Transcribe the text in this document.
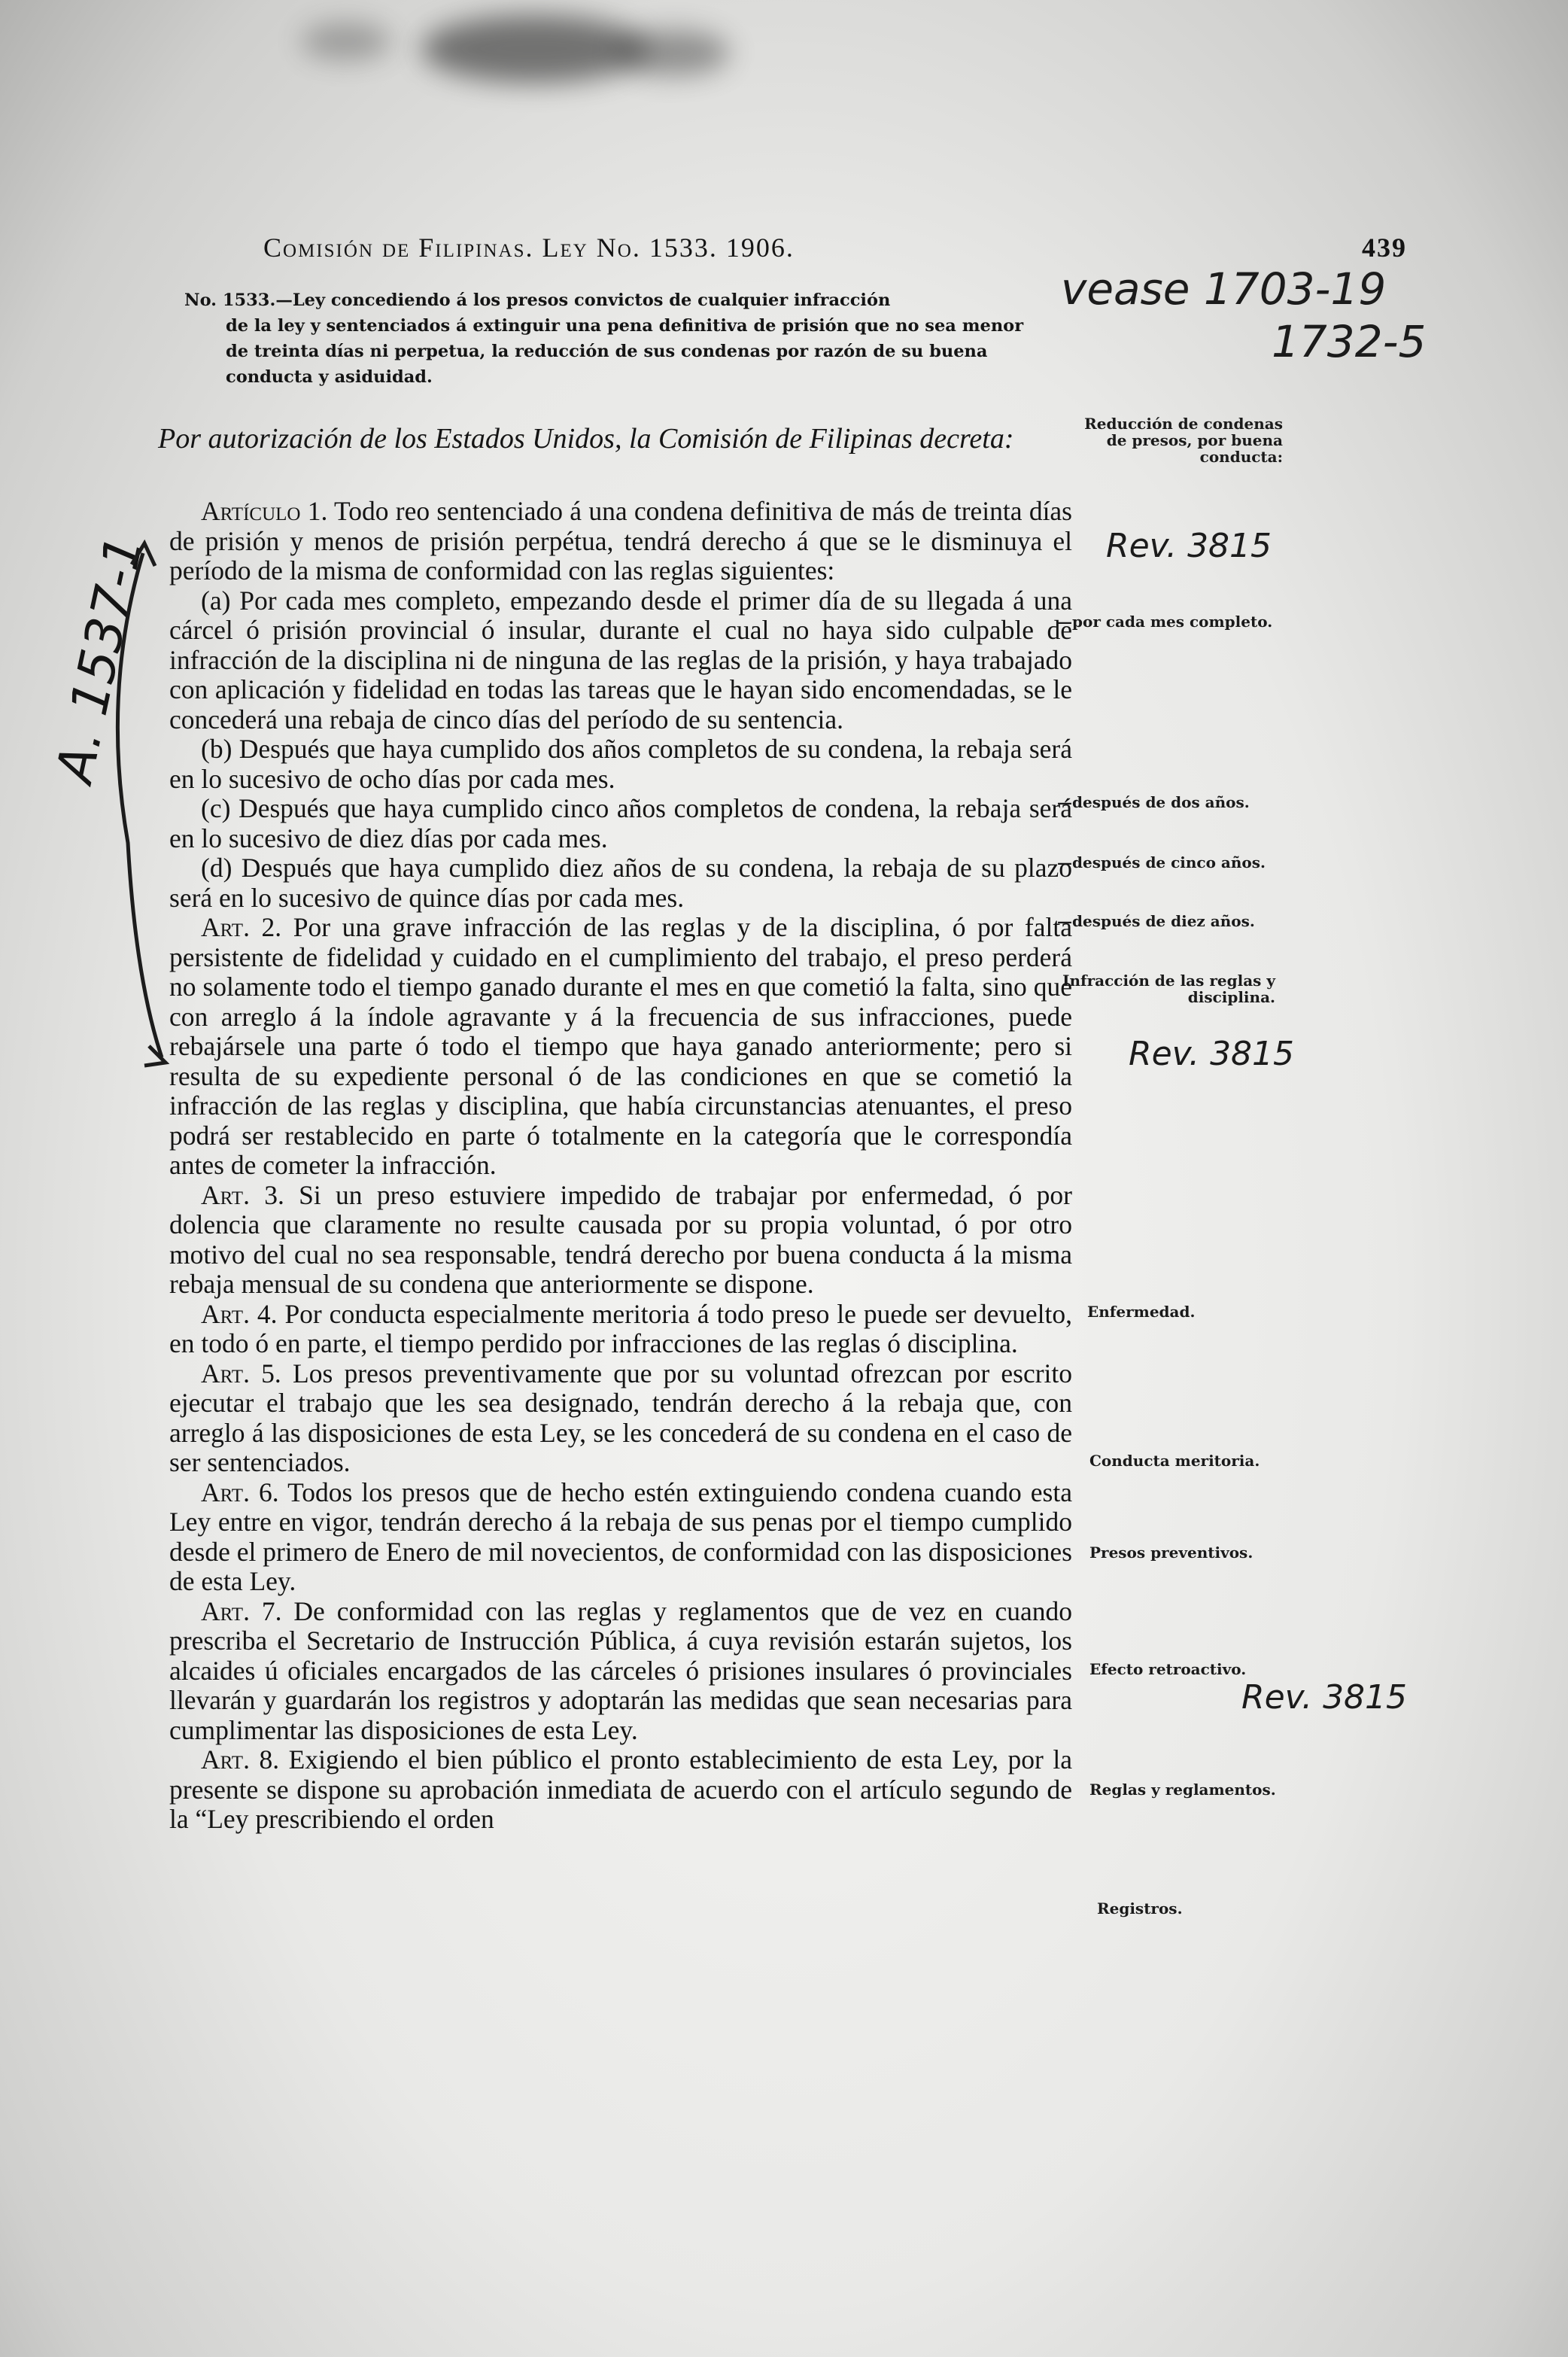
Comisión de Filipinas. Ley No. 1533. 1906.	439

No. 1533.—Ley concediendo á los presos convictos de cualquier infracción

de la ley y sentenciados á extinguir una pena definitiva de prisión que no sea menor de treinta días ni perpetua, la reducción de sus condenas por razón de su buena conducta y asiduidad.

Por autorización de los Estados Unidos, la Comisión de Filipinas decreta:

Artículo 1. Todo reo sentenciado á una condena definitiva de más de treinta días de prisión y menos de prisión perpétua, tendrá derecho á que se le disminuya el período de la misma de conformidad con las reglas siguientes:

(a) Por cada mes completo, empezando desde el primer día de su llegada á una cárcel ó prisión provincial ó insular, durante el cual no haya sido culpable de infracción de la disciplina ni de ninguna de las reglas de la prisión, y haya trabajado con aplicación y fidelidad en todas las tareas que le hayan sido encomendadas, se le concederá una rebaja de cinco días del período de su sentencia.

(b) Después que haya cumplido dos años completos de su condena, la rebaja será en lo sucesivo de ocho días por cada mes.

(c) Después que haya cumplido cinco años completos de condena, la rebaja será en lo sucesivo de diez días por cada mes.

(d) Después que haya cumplido diez años de su condena, la rebaja de su plazo será en lo sucesivo de quince días por cada mes.

Art. 2. Por una grave infracción de las reglas y de la disciplina, ó por falta persistente de fidelidad y cuidado en el cumplimiento del trabajo, el preso perderá no solamente todo el tiempo ganado durante el mes en que cometió la falta, sino que con arreglo á la índole agravante y á la frecuencia de sus infracciones, puede rebajársele una parte ó todo el tiempo que haya ganado anteriormente; pero si resulta de su expediente personal ó de las condiciones en que se cometió la infracción de las reglas y disciplina, que había circunstancias atenuantes, el preso podrá ser restablecido en parte ó totalmente en la categoría que le correspondía antes de cometer la infracción.

Art. 3. Si un preso estuviere impedido de trabajar por enfermedad, ó por dolencia que claramente no resulte causada por su propia voluntad, ó por otro motivo del cual no sea responsable, tendrá derecho por buena conducta á la misma rebaja mensual de su condena que anteriormente se dispone.

Art. 4. Por conducta especialmente meritoria á todo preso le puede ser devuelto, en todo ó en parte, el tiempo perdido por infracciones de las reglas ó disciplina.

Art. 5. Los presos preventivamente que por su voluntad ofrezcan por escrito ejecutar el trabajo que les sea designado, tendrán derecho á la rebaja que, con arreglo á las disposiciones de esta Ley, se les concederá de su condena en el caso de ser sentenciados.

Art. 6. Todos los presos que de hecho estén extinguiendo condena cuando esta Ley entre en vigor, tendrán derecho á la rebaja de sus penas por el tiempo cumplido desde el primero de Enero de mil novecientos, de conformidad con las disposiciones de esta Ley.

Art. 7. De conformidad con las reglas y reglamentos que de vez en cuando prescriba el Secretario de Instrucción Pública, á cuya revisión estarán sujetos, los alcaides ú oficiales encargados de las cárceles ó prisiones insulares ó provinciales llevarán y guardarán los registros y adoptarán las medidas que sean necesarias para cumplimentar las disposiciones de esta Ley.

Art. 8. Exigiendo el bien público el pronto establecimiento de esta Ley, por la presente se dispone su aprobación inmediata de acuerdo con el artículo segundo de la “Ley prescribiendo el orden

Reducción de condenas de presos, por buena conducta:
—por cada mes completo.
—después de dos años.
—después de cinco años.
—después de diez años.
Infracción de las reglas y disciplina.
Enfermedad.
Conducta meritoria.
Presos preventivos.
Efecto retroactivo.
Reglas y reglamentos.
Registros.
vease 1703-19
1732-5
Rev. 3815
Rev. 3815
Rev. 3815
A. 1537-1
